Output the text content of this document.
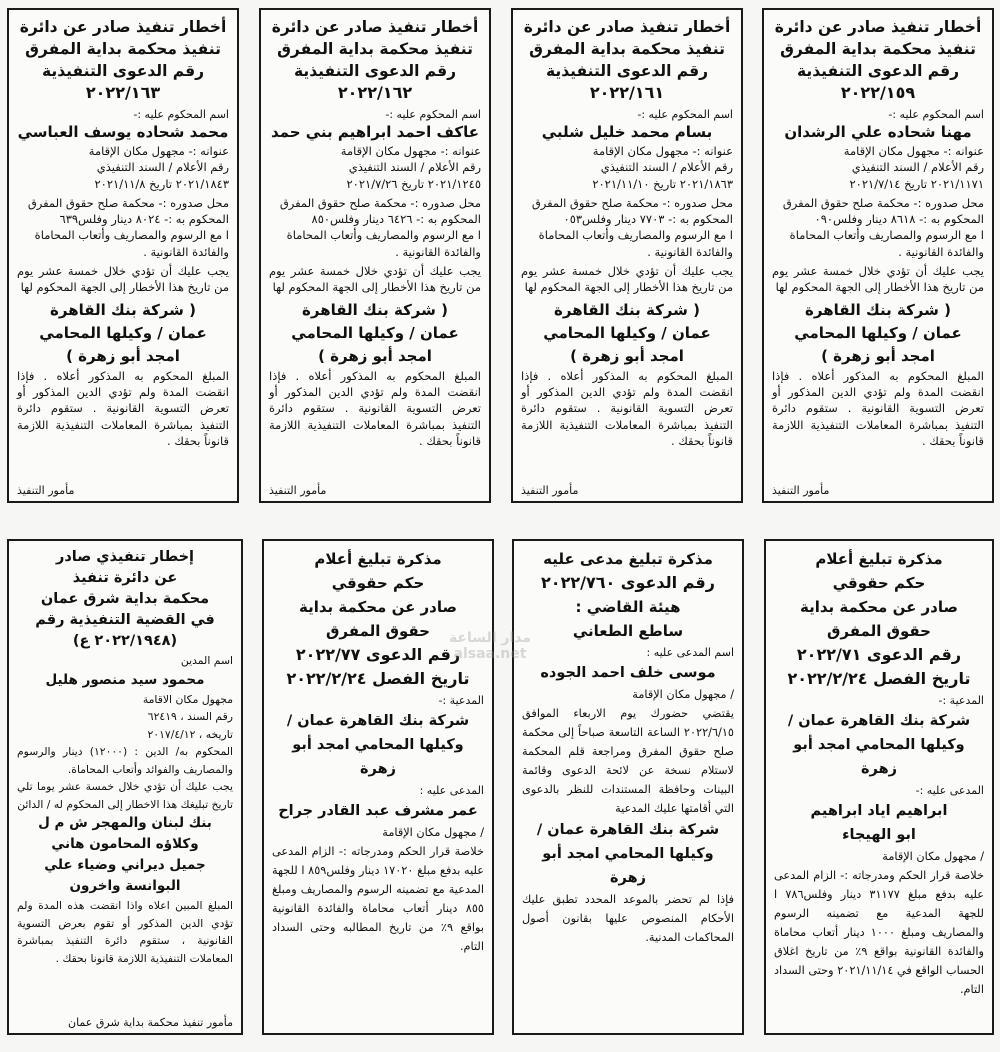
أخطار تنفيذ صادر عن دائرة
تنفيذ محكمة بداية المفرق
رقم الدعوى التنفيذية
٢٠٢٢/١٥٩
اسم المحكوم عليه :-
مهنا شحاده علي الرشدان
عنوانه :- مجهول مكان الإقامة
رقم الأعلام / السند التنفيذي
٢٠٢١/١١٧١ تاريخ ٢٠٢١/٧/١٤
محل صدوره :- محكمة صلح حقوق المفرق
المحكوم به :- ٨٦١٨ دينار وفلس٠٩٠
ا مع الرسوم والمصاريف وأتعاب المحاماة
والفائدة القانونية .
يجب عليك أن تؤدي خلال خمسة عشر يوم من تاريخ هذا الأخطار إلى الجهة المحكوم لها
( شركة بنك القاهرة
عمان / وكيلها المحامي
امجد أبو زهرة )
المبلغ المحكوم به المذكور أعلاه . فإذا انقضت المدة ولم تؤدي الدين المذكور أو تعرض التسوية القانونية . ستقوم دائرة التنفيذ بمباشرة المعاملات التنفيذية اللازمة قانوناً بحقك .
مأمور التنفيذ
أخطار تنفيذ صادر عن دائرة
تنفيذ محكمة بداية المفرق
رقم الدعوى التنفيذية
٢٠٢٢/١٦١
اسم المحكوم عليه :-
بسام محمد خليل شلبي
عنوانه :- مجهول مكان الإقامة
رقم الأعلام / السند التنفيذي
٢٠٢١/١٨٦٣ تاريخ ٢٠٢١/١١/١٠
محل صدوره :- محكمة صلح حقوق المفرق
المحكوم به :- ٧٧٠٣ دينار وفلس٠٥٣
ا مع الرسوم والمصاريف وأتعاب المحاماة
والفائدة القانونية .
يجب عليك أن تؤدي خلال خمسة عشر يوم من تاريخ هذا الأخطار إلى الجهة المحكوم لها
( شركة بنك القاهرة
عمان / وكيلها المحامي
امجد أبو زهرة )
المبلغ المحكوم به المذكور أعلاه . فإذا انقضت المدة ولم تؤدي الدين المذكور أو تعرض التسوية القانونية . ستقوم دائرة التنفيذ بمباشرة المعاملات التنفيذية اللازمة قانوناً بحقك .
مأمور التنفيذ
أخطار تنفيذ صادر عن دائرة
تنفيذ محكمة بداية المفرق
رقم الدعوى التنفيذية
٢٠٢٢/١٦٢
اسم المحكوم عليه :-
عاكف احمد ابراهيم بني حمد
عنوانه :- مجهول مكان الإقامة
رقم الأعلام / السند التنفيذي
٢٠٢١/١٢٤٥ تاريخ ٢٠٢١/٧/٢٦
محل صدوره :- محكمة صلح حقوق المفرق
المحكوم به :- ٦٤٢٦ دينار وفلس٨٥٠
ا مع الرسوم والمصاريف وأتعاب المحاماة
والفائدة القانونية .
يجب عليك أن تؤدي خلال خمسة عشر يوم من تاريخ هذا الأخطار إلى الجهة المحكوم لها
( شركة بنك القاهرة
عمان / وكيلها المحامي
امجد أبو زهرة )
المبلغ المحكوم به المذكور أعلاه . فإذا انقضت المدة ولم تؤدي الدين المذكور أو تعرض التسوية القانونية . ستقوم دائرة التنفيذ بمباشرة المعاملات التنفيذية اللازمة قانوناً بحقك .
مأمور التنفيذ
أخطار تنفيذ صادر عن دائرة
تنفيذ محكمة بداية المفرق
رقم الدعوى التنفيذية
٢٠٢٢/١٦٣
اسم المحكوم عليه :-
محمد شحاده يوسف العباسي
عنوانه :- مجهول مكان الإقامة
رقم الأعلام / السند التنفيذي
٢٠٢١/١٨٤٣ تاريخ ٢٠٢١/١١/٨
محل صدوره :- محكمة صلح حقوق المفرق
المحكوم به :- ٨٠٢٤ دينار وفلس٦٣٩
ا مع الرسوم والمصاريف وأتعاب المحاماة
والفائدة القانونية .
يجب عليك أن تؤدي خلال خمسة عشر يوم من تاريخ هذا الأخطار إلى الجهة المحكوم لها
( شركة بنك القاهرة
عمان / وكيلها المحامي
امجد أبو زهرة )
المبلغ المحكوم به المذكور أعلاه . فإذا انقضت المدة ولم تؤدي الدين المذكور أو تعرض التسوية القانونية . ستقوم دائرة التنفيذ بمباشرة المعاملات التنفيذية اللازمة قانوناً بحقك .
مأمور التنفيذ
مذكرة تبليغ أعلام
حكم حقوقي
صادر عن محكمة بداية
حقوق المفرق
رقم الدعوى ٢٠٢٢/٧١
تاريخ الفصل ٢٠٢٢/٢/٢٤
المدعية :-
شركة بنك القاهرة عمان /
وكيلها المحامي امجد أبو زهرة
المدعى عليه :-
ابراهيم اياد ابراهيم
ابو الهيجاء
/ مجهول مكان الإقامة
خلاصة قرار الحكم ومدرجاته :- الزام المدعى عليه بدفع مبلغ ٣١١٧٧ دينار وفلس٧٨٦ ا للجهة المدعية مع تضمينه الرسوم والمصاريف ومبلغ ١٠٠٠ دينار أتعاب محاماة والفائدة القانونية بواقع ٩٪ من تاريخ اغلاق الحساب الواقع في ٢٠٢١/١١/١٤ وحتى السداد التام.
مذكرة تبليغ مدعى عليه
رقم الدعوى ٢٠٢٢/٧٦٠
هيئة القاضي :
ساطع الطعاني
اسم المدعى عليه :
موسى خلف احمد الجوده
/ مجهول مكان الإقامة
يقتضي حضورك يوم الاربعاء الموافق ٢٠٢٢/٦/١٥ الساعة التاسعة صباحاً إلى محكمة صلح حقوق المفرق ومراجعة قلم المحكمة لاستلام نسخة عن لائحة الدعوى وقائمة البينات وحافظة المستندات للنظر بالدعوى التي أقامتها عليك المدعية
شركة بنك القاهرة عمان /
وكيلها المحامي امجد أبو زهرة
فإذا لم تحضر بالموعد المحدد تطبق عليك الأحكام المنصوص عليها بقانون أصول المحاكمات المدنية.
مذكرة تبليغ أعلام
حكم حقوقي
صادر عن محكمة بداية
حقوق المفرق
رقم الدعوى ٢٠٢٢/٧٧
تاريخ الفصل ٢٠٢٢/٢/٢٤
المدعية :-
شركة بنك القاهرة عمان /
وكيلها المحامي امجد أبو زهرة
المدعى عليه :
عمر مشرف عبد القادر جراح
/ مجهول مكان الإقامة
خلاصة قرار الحكم ومدرجاته :- الزام المدعى عليه بدفع مبلغ ١٧٠٢٠ دينار وفلس٨٥٩ ا للجهة المدعية مع تضمينه الرسوم والمصاريف ومبلغ ٨٥٥ دينار أتعاب محاماة والفائدة القانونية بواقع ٩٪ من تاريخ المطالبه وحتى السداد التام.
إخطار تنفيذي صادر
عن دائرة تنفيذ
محكمة بداية شرق عمان
في القضية التنفيذية رقم
(٢٠٢٢/١٩٤٨ ع)
اسم المدين
محمود سيد منصور هليل
مجهول مكان الاقامة
رقم السند ، ٦٢٤١٩
تاريخه ، ٢٠١٧/٤/١٢
المحكوم به/ الدين : (١٢٠٠٠) دينار والرسوم والمصاريف والفوائد وأتعاب المحاماة.
يجب عليك أن تؤدي خلال خمسة عشر يوما تلي تاريخ تبليغك هذا الاخطار إلى المحكوم له / الدائن
بنك لبنان والمهجر ش م ل
وكلاؤه المحامون هاني
جميل ديراني وضياء علي
البوانسة واخرون
المبلغ المبين اعلاه واذا انقضت هذه المدة ولم تؤدي الدين المذكور أو تقوم بعرض التسوية القانونية ، ستقوم دائرة التنفيذ بمباشرة المعاملات التنفيذية اللازمة قانونا بحقك .
مأمور تنفيذ محكمة بداية شرق عمان
مدار الساعة
alsaa.net
